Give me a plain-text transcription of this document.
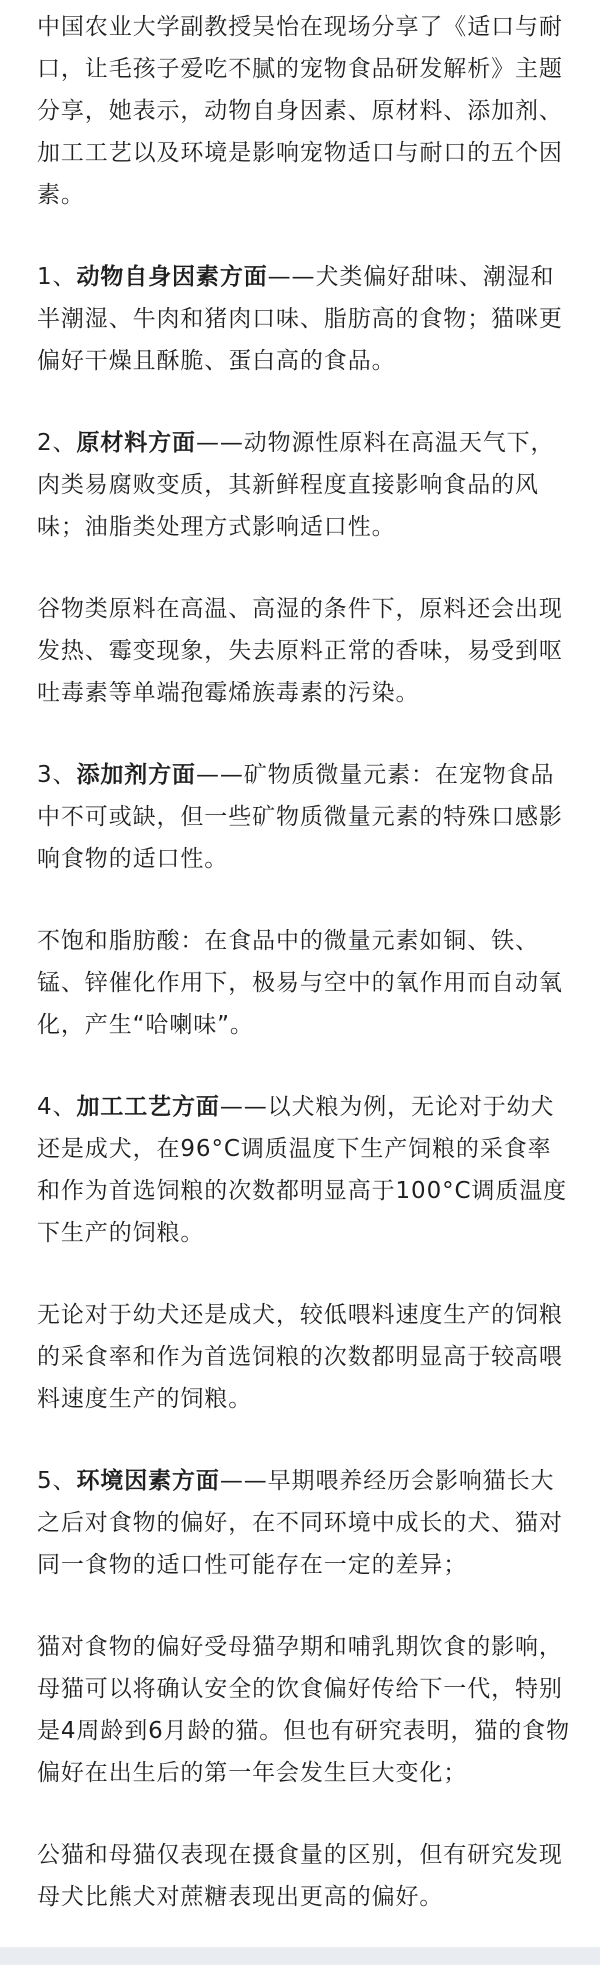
中国农业大学副教授吴怡在现场分享了《适口与耐口，让毛孩子爱吃不腻的宠物食品研发解析》主题分享，她表示，动物自身因素、原材料、添加剂、加工工艺以及环境是影响宠物适口与耐口的五个因素。

1、动物自身因素方面——犬类偏好甜味、潮湿和半潮湿、牛肉和猪肉口味、脂肪高的食物；猫咪更偏好干燥且酥脆、蛋白高的食品。

2、原材料方面——动物源性原料在高温天气下，肉类易腐败变质，其新鲜程度直接影响食品的风味；油脂类处理方式影响适口性。

谷物类原料在高温、高湿的条件下，原料还会出现发热、霉变现象，失去原料正常的香味，易受到呕吐毒素等单端孢霉烯族毒素的污染。

3、添加剂方面——矿物质微量元素：在宠物食品中不可或缺，但一些矿物质微量元素的特殊口感影响食物的适口性。

不饱和脂肪酸：在食品中的微量元素如铜、铁、锰、锌催化作用下，极易与空中的氧作用而自动氧化，产生“哈喇味”。

4、加工工艺方面——以犬粮为例，无论对于幼犬还是成犬，在96°C调质温度下生产饲粮的采食率和作为首选饲粮的次数都明显高于100°C调质温度下生产的饲粮。

无论对于幼犬还是成犬，较低喂料速度生产的饲粮的采食率和作为首选饲粮的次数都明显高于较高喂料速度生产的饲粮。

5、环境因素方面——早期喂养经历会影响猫长大之后对食物的偏好，在不同环境中成长的犬、猫对同一食物的适口性可能存在一定的差异；

猫对食物的偏好受母猫孕期和哺乳期饮食的影响，母猫可以将确认安全的饮食偏好传给下一代，特别是4周龄到6月龄的猫。但也有研究表明，猫的食物偏好在出生后的第一年会发生巨大变化；

公猫和母猫仅表现在摄食量的区别，但有研究发现母犬比熊犬对蔗糖表现出更高的偏好。
